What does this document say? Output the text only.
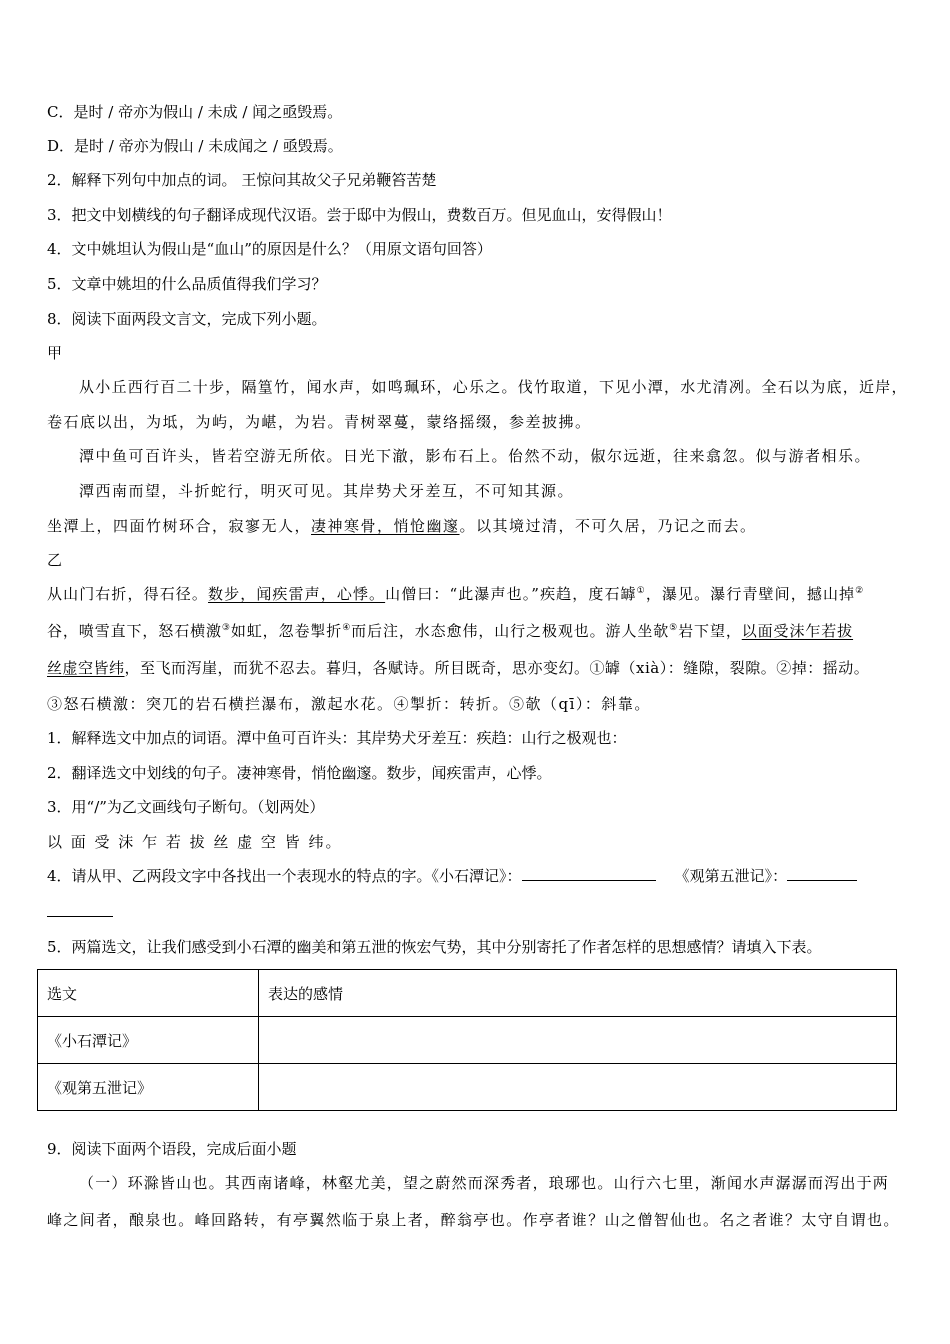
C．是时 / 帝亦为假山 / 未成 / 闻之亟毁焉。
D．是时 / 帝亦为假山 / 未成闻之 / 亟毁焉。
2．解释下列句中加点的词。 王惊问其故父子兄弟鞭笞苦楚
3．把文中划横线的句子翻译成现代汉语。尝于邸中为假山，费数百万。但见血山，安得假山！
4．文中姚坦认为假山是“血山”的原因是什么？（用原文语句回答）
5．文章中姚坦的什么品质值得我们学习？
8．阅读下面两段文言文，完成下列小题。
甲
从小丘西行百二十步，隔篁竹，闻水声，如鸣珮环，心乐之。伐竹取道，下见小潭，水尤清冽。全石以为底，近岸，
卷石底以出，为坻，为屿，为嵁，为岩。青树翠蔓，蒙络摇缀，参差披拂。
潭中鱼可百许头，皆若空游无所依。日光下澈，影布石上。佁然不动，俶尔远逝，往来翕忽。似与游者相乐。
潭西南而望，斗折蛇行，明灭可见。其岸势犬牙差互，不可知其源。
坐潭上，四面竹树环合，寂寥无人，凄神寒骨，悄怆幽邃。以其境过清，不可久居，乃记之而去。
乙
从山门右折，得石径。数步，闻疾雷声，心悸。山僧曰：“此瀑声也。”疾趋，度石罅①，瀑见。瀑行青壁间，撼山掉②
谷，喷雪直下，怒石横激③如虹，忽卷掣折④而后注，水态愈伟，山行之极观也。游人坐欹⑤岩下望，以面受沫乍若拔
丝虚空皆纬，至飞而泻崖，而犹不忍去。暮归，各赋诗。所目既奇，思亦变幻。①罅（xià）：缝隙，裂隙。②掉：摇动。
③怒石横激：突兀的岩石横拦瀑布，激起水花。④掣折：转折。⑤欹（qī）：斜靠。
1．解释选文中加点的词语。潭中鱼可百许头：其岸势犬牙差互：疾趋：山行之极观也：
2．翻译选文中划线的句子。凄神寒骨，悄怆幽邃。数步，闻疾雷声，心悸。
3．用“/”为乙文画线句子断句。（划两处）
以 面 受 沫 乍 若 拔 丝 虚 空 皆 纬。
4．请从甲、乙两段文字中各找出一个表现水的特点的字。《小石潭记》：	《观第五泄记》：
5．两篇选文，让我们感受到小石潭的幽美和第五泄的恢宏气势，其中分别寄托了作者怎样的思想感情？请填入下表。
选文	表达的感情
《小石潭记》	
《观第五泄记》	
9．阅读下面两个语段，完成后面小题
（一）环滁皆山也。其西南诸峰，林壑尤美，望之蔚然而深秀者，琅琊也。山行六七里，渐闻水声潺潺而泻出于两
峰之间者，酿泉也。峰回路转，有亭翼然临于泉上者，醉翁亭也。作亭者谁？山之僧智仙也。名之者谁？太守自谓也。
